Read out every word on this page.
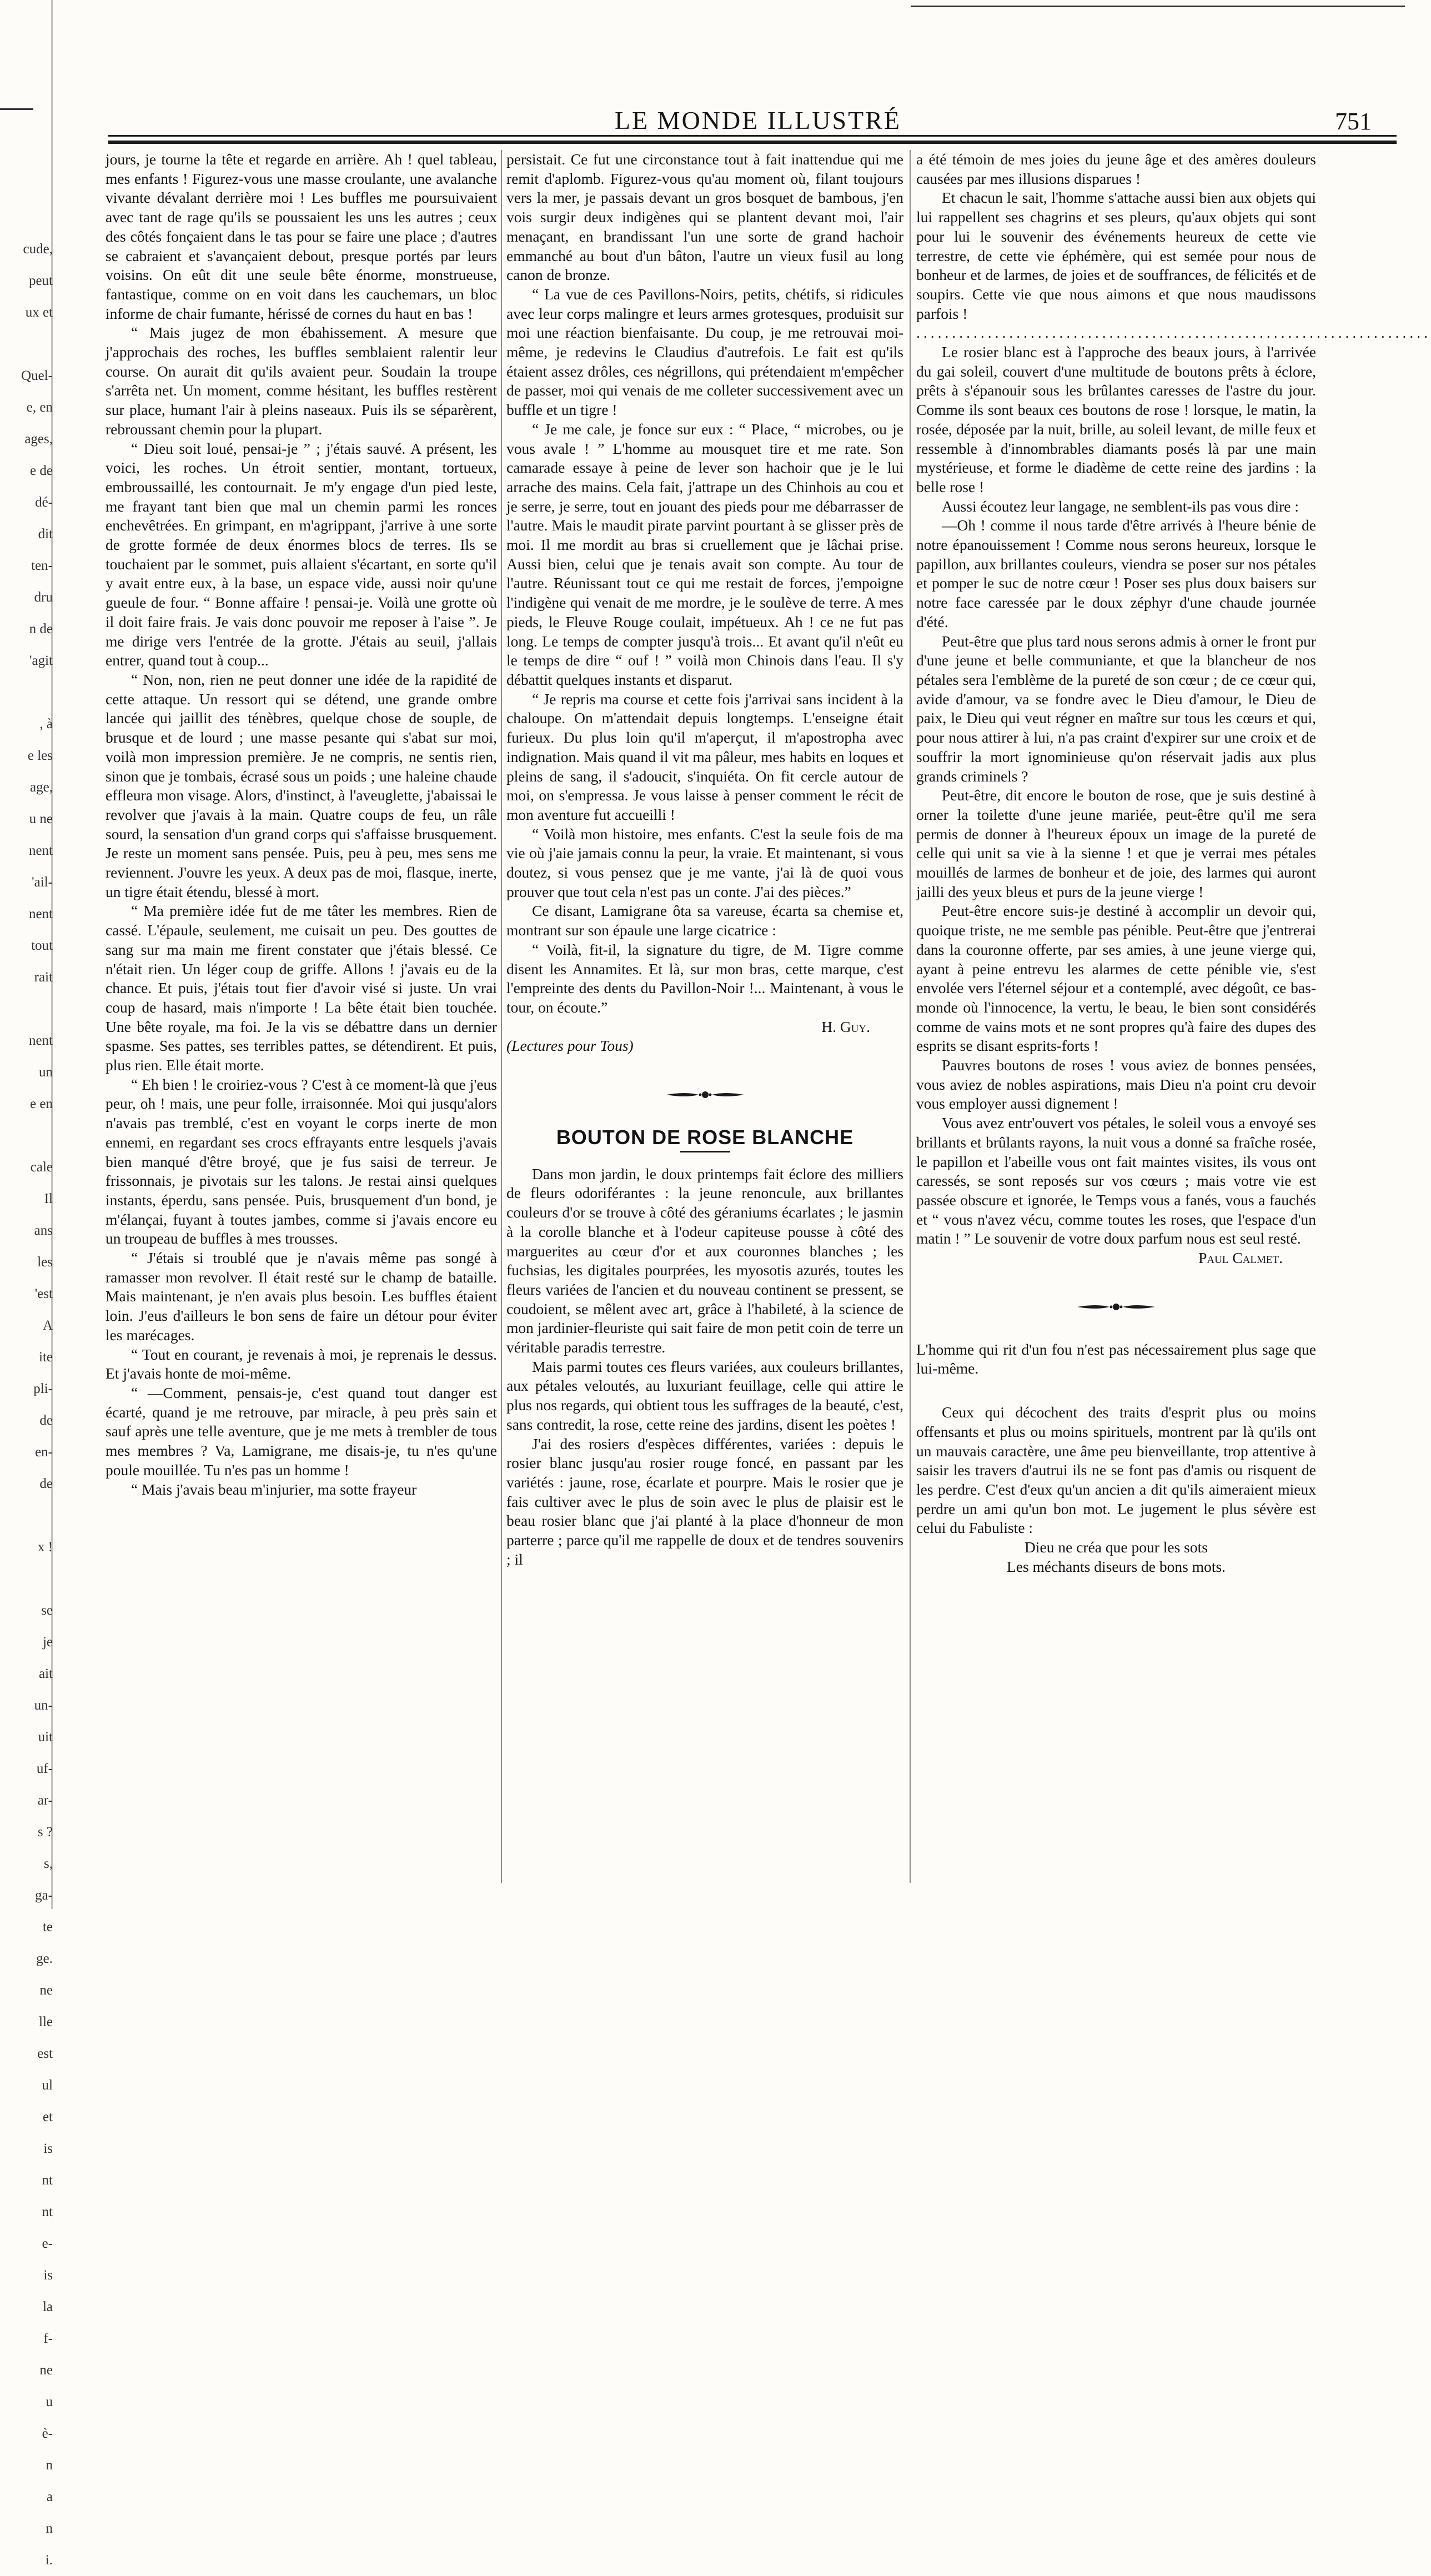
cude,
peut
ux et

Quel-
e, en
ages,
e de
dé-
dit
ten-
dru
n de
'agit

, à
e les
age,
u ne
nent
'ail-
nent
tout
rait

nent
un
e en

cale
Il
ans
les
'est
A
ite
pli-
de
en-
de

x !

se
je
ait
un-
uit
uf-
ar-
s ?
s,
ga-
te
ge.
ne
lle
est
ul
et
is
nt
nt
e-
is
la
f-
ne
u
è-
n
a
n
i.
LE MONDE ILLUSTRÉ	751

jours, je tourne la tête et regarde en arrière. Ah ! quel tableau, mes enfants ! Figurez-vous une masse croulante, une avalanche vivante dévalant derrière moi ! Les buffles me poursuivaient avec tant de rage qu'ils se poussaient les uns les autres ; ceux des côtés fonçaient dans le tas pour se faire une place ; d'autres se cabraient et s'avançaient debout, presque portés par leurs voisins. On eût dit une seule bête énorme, monstrueuse, fantastique, comme on en voit dans les cauchemars, un bloc informe de chair fumante, hérissé de cornes du haut en bas !

“ Mais jugez de mon ébahissement. A mesure que j'approchais des roches, les buffles semblaient ralentir leur course. On aurait dit qu'ils avaient peur. Soudain la troupe s'arrêta net. Un moment, comme hésitant, les buffles restèrent sur place, humant l'air à pleins naseaux. Puis ils se séparèrent, rebroussant chemin pour la plupart.

“ Dieu soit loué, pensai-je ” ; j'étais sauvé. A présent, les voici, les roches. Un étroit sentier, montant, tortueux, embroussaillé, les contournait. Je m'y engage d'un pied leste, me frayant tant bien que mal un chemin parmi les ronces enchevêtrées. En grimpant, en m'agrippant, j'arrive à une sorte de grotte formée de deux énormes blocs de terres. Ils se touchaient par le sommet, puis allaient s'écartant, en sorte qu'il y avait entre eux, à la base, un espace vide, aussi noir qu'une gueule de four. “ Bonne affaire ! pensai-je. Voilà une grotte où il doit faire frais. Je vais donc pouvoir me reposer à l'aise ”. Je me dirige vers l'entrée de la grotte. J'étais au seuil, j'allais entrer, quand tout à coup...

“ Non, non, rien ne peut donner une idée de la rapidité de cette attaque. Un ressort qui se détend, une grande ombre lancée qui jaillit des ténèbres, quelque chose de souple, de brusque et de lourd ; une masse pesante qui s'abat sur moi, voilà mon impression première. Je ne compris, ne sentis rien, sinon que je tombais, écrasé sous un poids ; une haleine chaude effleura mon visage. Alors, d'instinct, à l'aveuglette, j'abaissai le revolver que j'avais à la main. Quatre coups de feu, un râle sourd, la sensation d'un grand corps qui s'affaisse brusquement. Je reste un moment sans pensée. Puis, peu à peu, mes sens me reviennent. J'ouvre les yeux. A deux pas de moi, flasque, inerte, un tigre était étendu, blessé à mort.

“ Ma première idée fut de me tâter les membres. Rien de cassé. L'épaule, seulement, me cuisait un peu. Des gouttes de sang sur ma main me firent constater que j'étais blessé. Ce n'était rien. Un léger coup de griffe. Allons ! j'avais eu de la chance. Et puis, j'étais tout fier d'avoir visé si juste. Un vrai coup de hasard, mais n'importe ! La bête était bien touchée. Une bête royale, ma foi. Je la vis se débattre dans un dernier spasme. Ses pattes, ses terribles pattes, se détendirent. Et puis, plus rien. Elle était morte.

“ Eh bien ! le croiriez-vous ? C'est à ce moment-là que j'eus peur, oh ! mais, une peur folle, irraisonnée. Moi qui jusqu'alors n'avais pas tremblé, c'est en voyant le corps inerte de mon ennemi, en regardant ses crocs effrayants entre lesquels j'avais bien manqué d'être broyé, que je fus saisi de terreur. Je frissonnais, je pivotais sur les talons. Je restai ainsi quelques instants, éperdu, sans pensée. Puis, brusquement d'un bond, je m'élançai, fuyant à toutes jambes, comme si j'avais encore eu un troupeau de buffles à mes trousses.

“ J'étais si troublé que je n'avais même pas songé à ramasser mon revolver. Il était resté sur le champ de bataille. Mais maintenant, je n'en avais plus besoin. Les buffles étaient loin. J'eus d'ailleurs le bon sens de faire un détour pour éviter les marécages.

“ Tout en courant, je revenais à moi, je reprenais le dessus. Et j'avais honte de moi-même.

“ —Comment, pensais-je, c'est quand tout danger est écarté, quand je me retrouve, par miracle, à peu près sain et sauf après une telle aventure, que je me mets à trembler de tous mes membres ? Va, Lamigrane, me disais-je, tu n'es qu'une poule mouillée. Tu n'es pas un homme !

“ Mais j'avais beau m'injurier, ma sotte frayeur

persistait. Ce fut une circonstance tout à fait inattendue qui me remit d'aplomb. Figurez-vous qu'au moment où, filant toujours vers la mer, je passais devant un gros bosquet de bambous, j'en vois surgir deux indigènes qui se plantent devant moi, l'air menaçant, en brandissant l'un une sorte de grand hachoir emmanché au bout d'un bâton, l'autre un vieux fusil au long canon de bronze.

“ La vue de ces Pavillons-Noirs, petits, chétifs, si ridicules avec leur corps malingre et leurs armes grotesques, produisit sur moi une réaction bienfaisante. Du coup, je me retrouvai moi-même, je redevins le Claudius d'autrefois. Le fait est qu'ils étaient assez drôles, ces négrillons, qui prétendaient m'empêcher de passer, moi qui venais de me colleter successivement avec un buffle et un tigre !

“ Je me cale, je fonce sur eux : “ Place, “ microbes, ou je vous avale ! ” L'homme au mousquet tire et me rate. Son camarade essaye à peine de lever son hachoir que je le lui arrache des mains. Cela fait, j'attrape un des Chinhois au cou et je serre, je serre, tout en jouant des pieds pour me débarrasser de l'autre. Mais le maudit pirate parvint pourtant à se glisser près de moi. Il me mordit au bras si cruellement que je lâchai prise. Aussi bien, celui que je tenais avait son compte. Au tour de l'autre. Réunissant tout ce qui me restait de forces, j'empoigne l'indigène qui venait de me mordre, je le soulève de terre. A mes pieds, le Fleuve Rouge coulait, impétueux. Ah ! ce ne fut pas long. Le temps de compter jusqu'à trois... Et avant qu'il n'eût eu le temps de dire “ ouf ! ” voilà mon Chinois dans l'eau. Il s'y débattit quelques instants et disparut.

“ Je repris ma course et cette fois j'arrivai sans incident à la chaloupe. On m'attendait depuis longtemps. L'enseigne était furieux. Du plus loin qu'il m'aperçut, il m'apostropha avec indignation. Mais quand il vit ma pâleur, mes habits en loques et pleins de sang, il s'adoucit, s'inquiéta. On fit cercle autour de moi, on s'empressa. Je vous laisse à penser comment le récit de mon aventure fut accueilli !

“ Voilà mon histoire, mes enfants. C'est la seule fois de ma vie où j'aie jamais connu la peur, la vraie. Et maintenant, si vous doutez, si vous pensez que je me vante, j'ai là de quoi vous prouver que tout cela n'est pas un conte. J'ai des pièces.”

Ce disant, Lamigrane ôta sa vareuse, écarta sa chemise et, montrant sur son épaule une large cicatrice :

“ Voilà, fit-il, la signature du tigre, de M. Tigre comme disent les Annamites. Et là, sur mon bras, cette marque, c'est l'empreinte des dents du Pavillon-Noir !... Maintenant, à vous le tour, on écoute.”

H. Guy.

(Lectures pour Tous)

BOUTON DE ROSE BLANCHE

Dans mon jardin, le doux printemps fait éclore des milliers de fleurs odoriférantes : la jeune renoncule, aux brillantes couleurs d'or se trouve à côté des géraniums écarlates ; le jasmin à la corolle blanche et à l'odeur capiteuse pousse à côté des marguerites au cœur d'or et aux couronnes blanches ; les fuchsias, les digitales pourprées, les myosotis azurés, toutes les fleurs variées de l'ancien et du nouveau continent se pressent, se coudoient, se mêlent avec art, grâce à l'habileté, à la science de mon jardinier-fleuriste qui sait faire de mon petit coin de terre un véritable paradis terrestre.

Mais parmi toutes ces fleurs variées, aux couleurs brillantes, aux pétales veloutés, au luxuriant feuillage, celle qui attire le plus nos regards, qui obtient tous les suffrages de la beauté, c'est, sans contredit, la rose, cette reine des jardins, disent les poètes !

J'ai des rosiers d'espèces différentes, variées : depuis le rosier blanc jusqu'au rosier rouge foncé, en passant par les variétés : jaune, rose, écarlate et pourpre. Mais le rosier que je fais cultiver avec le plus de soin avec le plus de plaisir est le beau rosier blanc que j'ai planté à la place d'honneur de mon parterre ; parce qu'il me rappelle de doux et de tendres souvenirs ; il

a été témoin de mes joies du jeune âge et des amères douleurs causées par mes illusions disparues !

Et chacun le sait, l'homme s'attache aussi bien aux objets qui lui rappellent ses chagrins et ses pleurs, qu'aux objets qui sont pour lui le souvenir des événements heureux de cette vie terrestre, de cette vie éphémère, qui est semée pour nous de bonheur et de larmes, de joies et de souffrances, de félicités et de soupirs. Cette vie que nous aimons et que nous maudissons parfois !

........................................................................

Le rosier blanc est à l'approche des beaux jours, à l'arrivée du gai soleil, couvert d'une multitude de boutons prêts à éclore, prêts à s'épanouir sous les brûlantes caresses de l'astre du jour. Comme ils sont beaux ces boutons de rose ! lorsque, le matin, la rosée, déposée par la nuit, brille, au soleil levant, de mille feux et ressemble à d'innombrables diamants posés là par une main mystérieuse, et forme le diadème de cette reine des jardins : la belle rose !

Aussi écoutez leur langage, ne semblent-ils pas vous dire :

—Oh ! comme il nous tarde d'être arrivés à l'heure bénie de notre épanouissement ! Comme nous serons heureux, lorsque le papillon, aux brillantes couleurs, viendra se poser sur nos pétales et pomper le suc de notre cœur ! Poser ses plus doux baisers sur notre face caressée par le doux zéphyr d'une chaude journée d'été.

Peut-être que plus tard nous serons admis à orner le front pur d'une jeune et belle communiante, et que la blancheur de nos pétales sera l'emblème de la pureté de son cœur ; de ce cœur qui, avide d'amour, va se fondre avec le Dieu d'amour, le Dieu de paix, le Dieu qui veut régner en maître sur tous les cœurs et qui, pour nous attirer à lui, n'a pas craint d'expirer sur une croix et de souffrir la mort ignominieuse qu'on réservait jadis aux plus grands criminels ?

Peut-être, dit encore le bouton de rose, que je suis destiné à orner la toilette d'une jeune mariée, peut-être qu'il me sera permis de donner à l'heureux époux un image de la pureté de celle qui unit sa vie à la sienne ! et que je verrai mes pétales mouillés de larmes de bonheur et de joie, des larmes qui auront jailli des yeux bleus et purs de la jeune vierge !

Peut-être encore suis-je destiné à accomplir un devoir qui, quoique triste, ne me semble pas pénible. Peut-être que j'entrerai dans la couronne offerte, par ses amies, à une jeune vierge qui, ayant à peine entrevu les alarmes de cette pénible vie, s'est envolée vers l'éternel séjour et a contemplé, avec dégoût, ce bas-monde où l'innocence, la vertu, le beau, le bien sont considérés comme de vains mots et ne sont propres qu'à faire des dupes des esprits se disant esprits-forts !

Pauvres boutons de roses ! vous aviez de bonnes pensées, vous aviez de nobles aspirations, mais Dieu n'a point cru devoir vous employer aussi dignement !

Vous avez entr'ouvert vos pétales, le soleil vous a envoyé ses brillants et brûlants rayons, la nuit vous a donné sa fraîche rosée, le papillon et l'abeille vous ont fait maintes visites, ils vous ont caressés, se sont reposés sur vos cœurs ; mais votre vie est passée obscure et ignorée, le Temps vous a fanés, vous a fauchés et “ vous n'avez vécu, comme toutes les roses, que l'espace d'un matin ! ” Le souvenir de votre doux parfum nous est seul resté.

Paul Calmet.

L'homme qui rit d'un fou n'est pas nécessairement plus sage que lui-même.

Ceux qui décochent des traits d'esprit plus ou moins offensants et plus ou moins spirituels, montrent par là qu'ils ont un mauvais caractère, une âme peu bienveillante, trop attentive à saisir les travers d'autrui ils ne se font pas d'amis ou risquent de les perdre. C'est d'eux qu'un ancien a dit qu'ils aimeraient mieux perdre un ami qu'un bon mot. Le jugement le plus sévère est celui du Fabuliste :

Dieu ne créa que pour les sots

Les méchants diseurs de bons mots.
